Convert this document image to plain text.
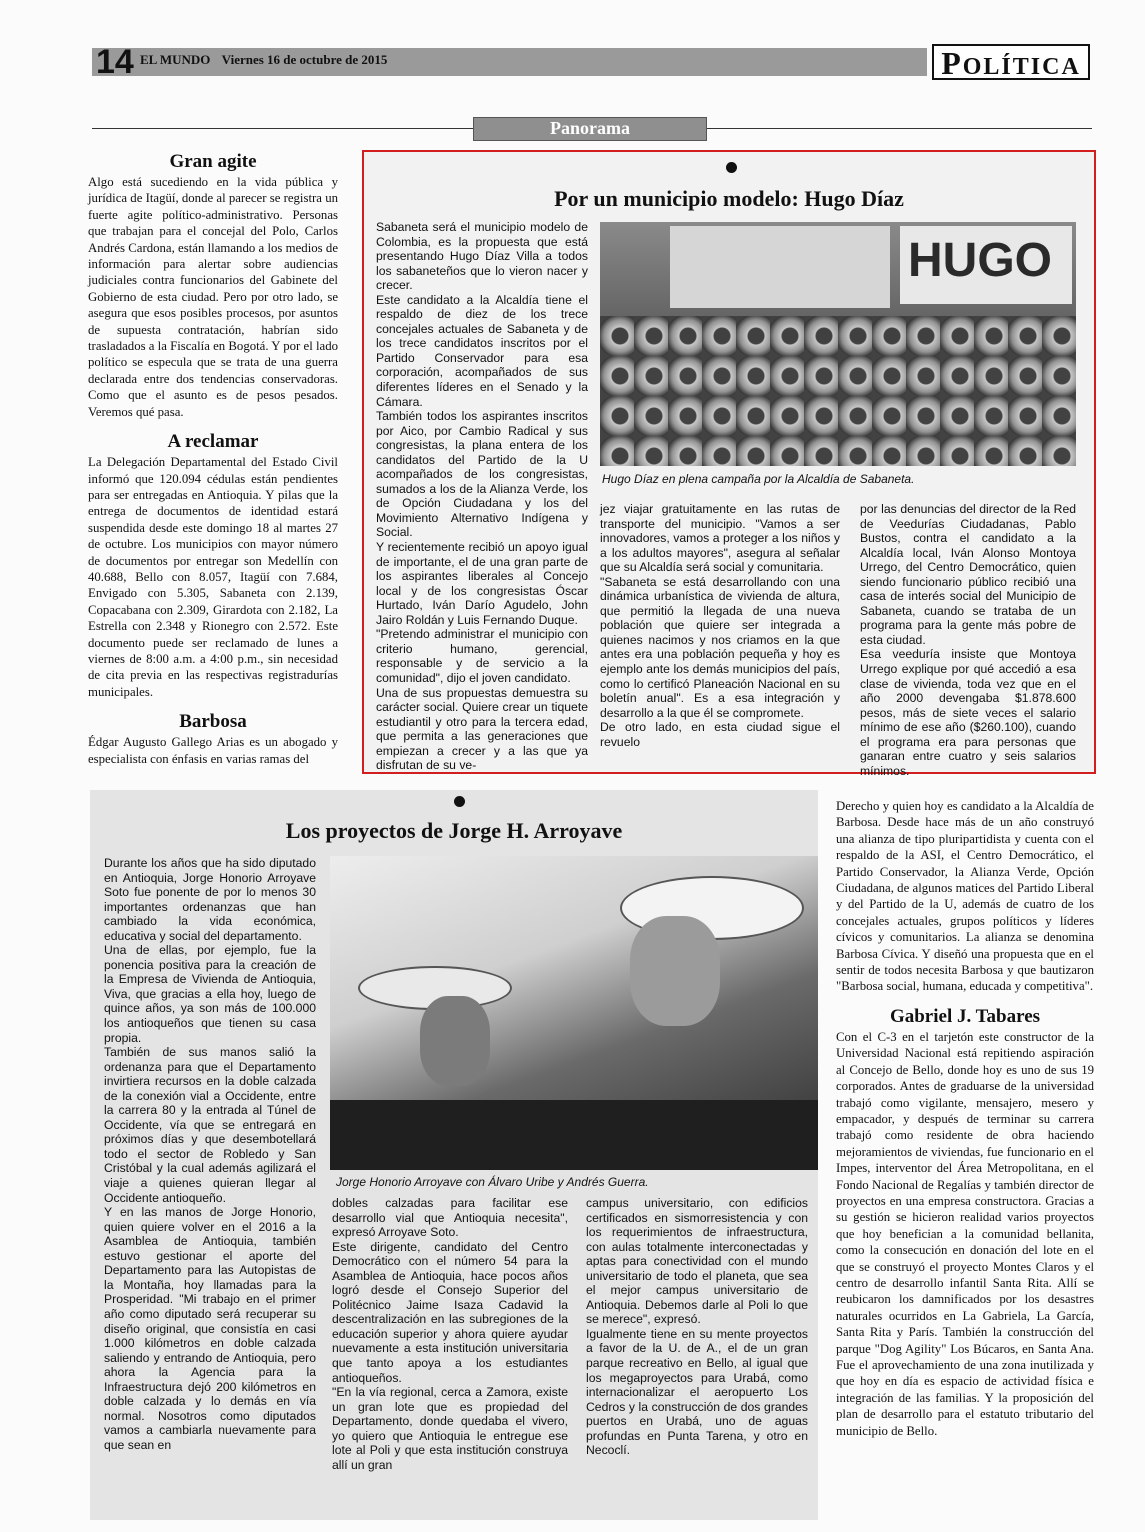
14 EL MUNDO Viernes 16 de octubre de 2015	POLÍTICA
Panorama
Gran agite

Algo está sucediendo en la vida pública y jurídica de Itagüí, donde al parecer se registra un fuerte agite político-administrativo. Personas que trabajan para el concejal del Polo, Carlos Andrés Cardona, están llamando a los medios de información para alertar sobre audiencias judiciales contra funcionarios del Gabinete del Gobierno de esta ciudad. Pero por otro lado, se asegura que esos posibles procesos, por asuntos de supuesta contratación, habrían sido trasladados a la Fiscalía en Bogotá. Y por el lado político se especula que se trata de una guerra declarada entre dos tendencias conservadoras. Como que el asunto es de pesos pesados. Veremos qué pasa.

A reclamar

La Delegación Departamental del Estado Civil informó que 120.094 cédulas están pendientes para ser entregadas en Antioquia. Y pilas que la entrega de documentos de identidad estará suspendida desde este domingo 18 al martes 27 de octubre. Los municipios con mayor número de documentos por entregar son Medellín con 40.688, Bello con 8.057, Itagüí con 7.684, Envigado con 5.305, Sabaneta con 2.139, Copacabana con 2.309, Girardota con 2.182, La Estrella con 2.348 y Rionegro con 2.572. Este documento puede ser reclamado de lunes a viernes de 8:00 a.m. a 4:00 p.m., sin necesidad de cita previa en las respectivas registradurías municipales.

Barbosa

Édgar Augusto Gallego Arias es un abogado y especialista con énfasis en varias ramas del

Por un municipio modelo: Hugo Díaz

Sabaneta será el municipio modelo de Colombia, es la propuesta que está presentando Hugo Díaz Villa a todos los sabaneteños que lo vieron nacer y crecer.

Este candidato a la Alcaldía tiene el respaldo de diez de los trece concejales actuales de Sabaneta y de los trece candidatos inscritos por el Partido Conservador para esa corporación, acompañados de sus diferentes líderes en el Senado y la Cámara.

También todos los aspirantes inscritos por Aico, por Cambio Radical y sus congresistas, la plana entera de los candidatos del Partido de la U acompañados de los congresistas, sumados a los de la Alianza Verde, los de Opción Ciudadana y los del Movimiento Alternativo Indígena y Social.

Y recientemente recibió un apoyo igual de importante, el de una gran parte de los aspirantes liberales al Concejo local y de los congresistas Óscar Hurtado, Iván Darío Agudelo, John Jairo Roldán y Luis Fernando Duque.

"Pretendo administrar el municipio con criterio humano, gerencial, responsable y de servicio a la comunidad", dijo el joven candidato.

Una de sus propuestas demuestra su carácter social. Quiere crear un tiquete estudiantil y otro para la tercera edad, que permita a las generaciones que empiezan a crecer y a las que ya disfrutan de su ve-

HUGO
Hugo Díaz en plena campaña por la Alcaldía de Sabaneta.

jez viajar gratuitamente en las rutas de transporte del municipio. "Vamos a ser innovadores, vamos a proteger a los niños y a los adultos mayores", asegura al señalar que su Alcaldía será social y comunitaria.

"Sabaneta se está desarrollando con una dinámica urbanística de vivienda de altura, que permitió la llegada de una nueva población que quiere ser integrada a quienes nacimos y nos criamos en la que antes era una población pequeña y hoy es ejemplo ante los demás municipios del país, como lo certificó Planeación Nacional en su boletín anual". Es a esa integración y desarrollo a la que él se compromete.

De otro lado, en esta ciudad sigue el revuelo

por las denuncias del director de la Red de Veedurías Ciudadanas, Pablo Bustos, contra el candidato a la Alcaldía local, Iván Alonso Montoya Urrego, del Centro Democrático, quien siendo funcionario público recibió una casa de interés social del Municipio de Sabaneta, cuando se trataba de un programa para la gente más pobre de esta ciudad.

Esa veeduría insiste que Montoya Urrego explique por qué accedió a esa clase de vivienda, toda vez que en el año 2000 devengaba $1.878.600 pesos, más de siete veces el salario mínimo de ese año ($260.100), cuando el programa era para personas que ganaran entre cuatro y seis salarios mínimos.

Los proyectos de Jorge H. Arroyave

Durante los años que ha sido diputado en Antioquia, Jorge Honorio Arroyave Soto fue ponente de por lo menos 30 importantes ordenanzas que han cambiado la vida económica, educativa y social del departamento.

Una de ellas, por ejemplo, fue la ponencia positiva para la creación de la Empresa de Vivienda de Antioquia, Viva, que gracias a ella hoy, luego de quince años, ya son más de 100.000 los antioqueños que tienen su casa propia.

También de sus manos salió la ordenanza para que el Departamento invirtiera recursos en la doble calzada de la conexión vial a Occidente, entre la carrera 80 y la entrada al Túnel de Occidente, vía que se entregará en próximos días y que desembotellará todo el sector de Robledo y San Cristóbal y la cual además agilizará el viaje a quienes quieran llegar al Occidente antioqueño.

Y en las manos de Jorge Honorio, quien quiere volver en el 2016 a la Asamblea de Antioquia, también estuvo gestionar el aporte del Departamento para las Autopistas de la Montaña, hoy llamadas para la Prosperidad. "Mi trabajo en el primer año como diputado será recuperar su diseño original, que consistía en casi 1.000 kilómetros en doble calzada saliendo y entrando de Antioquia, pero ahora la Agencia para la Infraestructura dejó 200 kilómetros en doble calzada y lo demás en vía normal. Nosotros como diputados vamos a cambiarla nuevamente para que sean en

Jorge Honorio Arroyave con Álvaro Uribe y Andrés Guerra.

dobles calzadas para facilitar ese desarrollo vial que Antioquia necesita", expresó Arroyave Soto.

Este dirigente, candidato del Centro Democrático con el número 54 para la Asamblea de Antioquia, hace pocos años logró desde el Consejo Superior del Politécnico Jaime Isaza Cadavid la descentralización en las subregiones de la educación superior y ahora quiere ayudar nuevamente a esta institución universitaria que tanto apoya a los estudiantes antioqueños.

"En la vía regional, cerca a Zamora, existe un gran lote que es propiedad del Departamento, donde quedaba el vivero, yo quiero que Antioquia le entregue ese lote al Poli y que esta institución construya allí un gran

campus universitario, con edificios certificados en sismorresistencia y con los requerimientos de infraestructura, con aulas totalmente interconectadas y aptas para conectividad con el mundo universitario de todo el planeta, que sea el mejor campus universitario de Antioquia. Debemos darle al Poli lo que se merece", expresó.

Igualmente tiene en su mente proyectos a favor de la U. de A., el de un gran parque recreativo en Bello, al igual que los megaproyectos para Urabá, como internacionalizar el aeropuerto Los Cedros y la construcción de dos grandes puertos en Urabá, uno de aguas profundas en Punta Tarena, y otro en Necoclí.

Derecho y quien hoy es candidato a la Alcaldía de Barbosa. Desde hace más de un año construyó una alianza de tipo pluripartidista y cuenta con el respaldo de la ASI, el Centro Democrático, el Partido Conservador, la Alianza Verde, Opción Ciudadana, de algunos matices del Partido Liberal y del Partido de la U, además de cuatro de los concejales actuales, grupos políticos y líderes cívicos y comunitarios. La alianza se denomina Barbosa Cívica. Y diseñó una propuesta que en el sentir de todos necesita Barbosa y que bautizaron "Barbosa social, humana, educada y competitiva".

Gabriel J. Tabares

Con el C-3 en el tarjetón este constructor de la Universidad Nacional está repitiendo aspiración al Concejo de Bello, donde hoy es uno de sus 19 corporados. Antes de graduarse de la universidad trabajó como vigilante, mensajero, mesero y empacador, y después de terminar su carrera trabajó como residente de obra haciendo mejoramientos de viviendas, fue funcionario en el Impes, interventor del Área Metropolitana, en el Fondo Nacional de Regalías y también director de proyectos en una empresa constructora. Gracias a su gestión se hicieron realidad varios proyectos que hoy benefician a la comunidad bellanita, como la consecución en donación del lote en el que se construyó el proyecto Montes Claros y el centro de desarrollo infantil Santa Rita. Allí se reubicaron los damnificados por los desastres naturales ocurridos en La Gabriela, La García, Santa Rita y París. También la construcción del parque "Dog Agility" Los Búcaros, en Santa Ana. Fue el aprovechamiento de una zona inutilizada y que hoy en día es espacio de actividad física e integración de las familias. Y la proposición del plan de desarrollo para el estatuto tributario del municipio de Bello.
